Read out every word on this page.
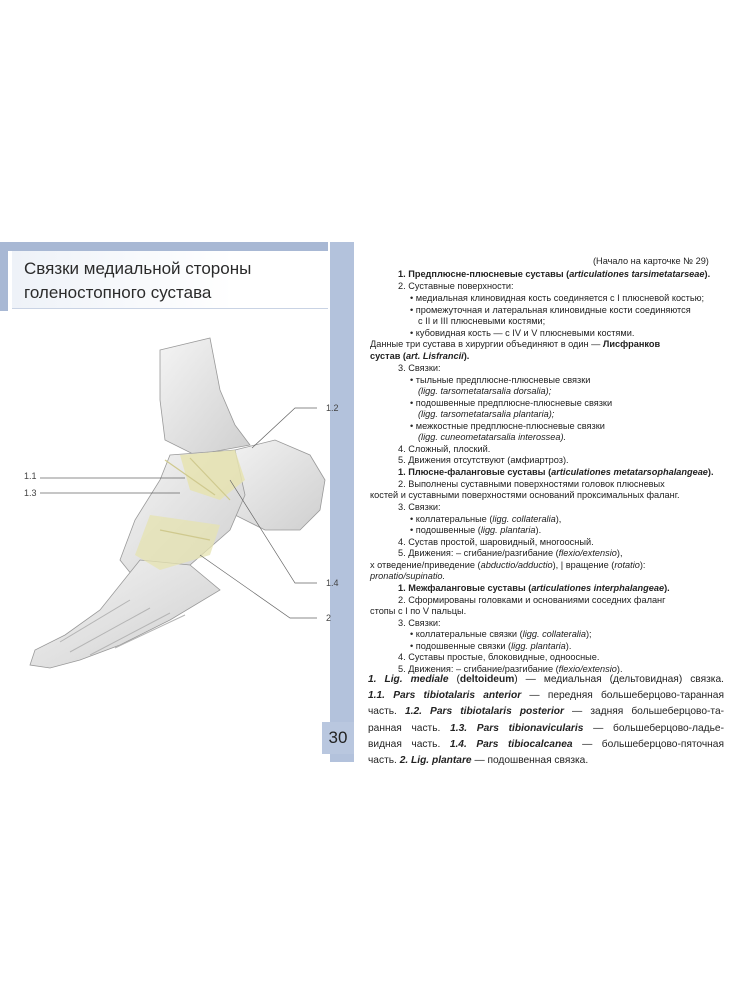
Связки медиальной стороны
голеностопного сустава
1.2
1.1
1.3
1.4
2
30
(Начало на карточке № 29)
1. Предплюсне-плюсневые суставы (articulationes tarsimetatarseae).
2. Суставные поверхности:
• медиальная клиновидная кость соединяется с I плюсневой костью;
• промежуточная и латеральная клиновидные кости соединяются
с II и III плюсневыми костями;
• кубовидная кость — с IV и V плюсневыми костями.
Данные три сустава в хирургии объединяют в один — Лисфранков
сустав (art. Lisfrancii).
3. Связки:
• тыльные предплюсне-плюсневые связки
(ligg. tarsometatarsalia dorsalia);
• подошвенные предплюсне-плюсневые связки
(ligg. tarsometatarsalia plantaria);
• межкостные предплюсне-плюсневые связки
(ligg. cuneometatarsalia interossea).
4. Сложный, плоский.
5. Движения отсутствуют (амфиартроз).
1. Плюсне-фаланговые суставы (articulationes metatarsophalangeae).
2. Выполнены суставными поверхностями головок плюсневых
костей и суставными поверхностями оснований проксимальных фаланг.
3. Связки:
• коллатеральные (ligg. collateralia),
• подошвенные (ligg. plantaria).
4. Сустав простой, шаровидный, многоосный.
5. Движения: – сгибание/разгибание (flexio/extensio),
х отведение/приведение (abductio/adductio), | вращение (rotatio):
pronatio/supinatio.
1. Межфаланговые суставы (articulationes interphalangeae).
2. Сформированы головками и основаниями соседних фаланг
стопы с I по V пальцы.
3. Связки:
• коллатеральные связки (ligg. collateralia);
• подошвенные связки (ligg. plantaria).
4. Суставы простые, блоковидные, одноосные.
5. Движения: – сгибание/разгибание (flexio/extensio).
1. Lig. mediale (deltoideum) — медиальная (дельтовидная) связка.
1.1. Pars tibiotalaris anterior — передняя большеберцово-таранная
часть. 1.2. Pars tibiotalaris posterior — задняя большеберцово-та-
ранная часть. 1.3. Pars tibionavicularis — большеберцово-ладье-
видная часть. 1.4. Pars tibiocalcanea — большеберцово-пяточная
часть. 2. Lig. plantare — подошвенная связка.
